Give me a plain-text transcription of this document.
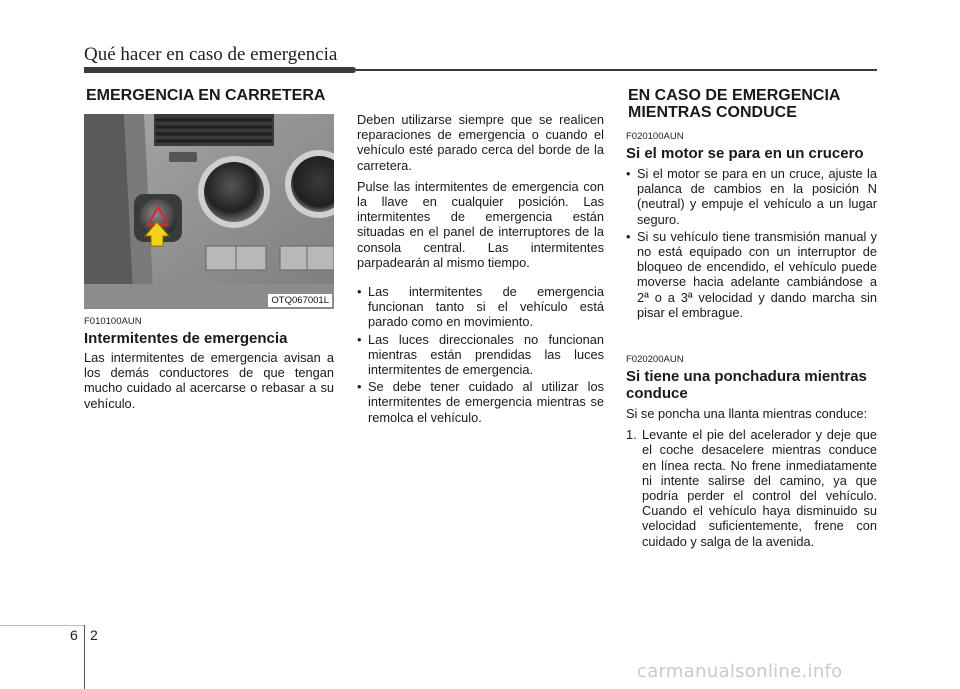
Qué hacer en caso de emergencia
EMERGENCIA EN CARRETERA
OTQ067001L
F010100AUN
Intermitentes de emergencia

Las intermitentes de emergencia avisan a los demás conductores de que tengan mucho cuidado al acercarse o rebasar a su vehículo.

Deben utilizarse siempre que se realicen reparaciones de emergencia o cuando el vehículo esté parado cerca del borde de la carretera.

Pulse las intermitentes de emergencia con la llave en cualquier posición. Las intermitentes de emergencia están situadas en el panel de interruptores de la consola central. Las intermitentes parpadearán al mismo tiempo.

• Las intermitentes de emergencia funcionan tanto si el vehículo está parado como en movimiento.
• Las luces direccionales no funcionan mientras están prendidas las luces intermitentes de emergencia.
• Se debe tener cuidado al utilizar los intermitentes de emergencia mientras se remolca el vehículo.
EN CASO DE EMERGENCIA
MIENTRAS CONDUCE
F020100AUN
Si el motor se para en un crucero
• Si el motor se para en un cruce, ajuste la palanca de cambios en la posición N (neutral) y empuje el vehículo a un lugar seguro.
• Si su vehículo tiene transmisión manual y no está equipado con un interruptor de bloqueo de encendido, el vehículo puede moverse hacia adelante cambiándose a 2ª o a 3ª velocidad y dando marcha sin pisar el embrague.
F020200AUN
Si tiene una ponchadura mientras
conduce

Si se poncha una llanta mientras conduce:

1. Levante el pie del acelerador y deje que el coche desacelere mientras conduce en línea recta. No frene inmediatamente ni intente salirse del camino, ya que podría perder el control del vehículo. Cuando el vehículo haya disminuido su velocidad suficientemente, frene con cuidado y salga de la avenida.
6 2
carmanualsonline.info
